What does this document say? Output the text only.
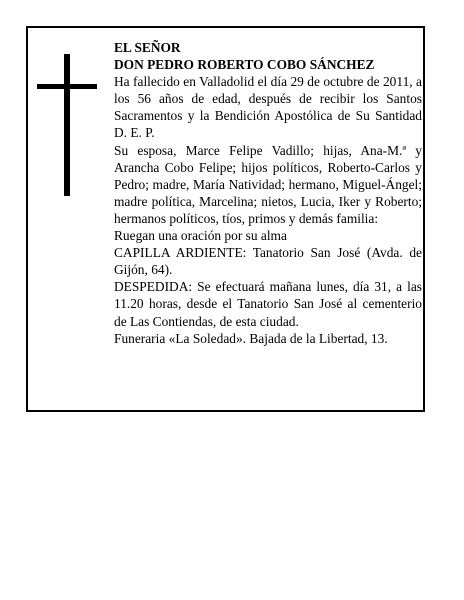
EL SEÑOR

DON PEDRO ROBERTO COBO SÁNCHEZ

Ha fallecido en Valladolid el día 29 de octubre de 2011, a los 56 años de edad, después de recibir los Santos Sacramentos y la Bendición Apostólica de Su Santidad D. E. P.

Su esposa, Marce Felipe Vadillo; hijas, Ana-M.ª y Arancha Cobo Felipe; hijos políticos, Roberto-Carlos y Pedro; madre, María Natividad; hermano, Miguel-Ángel; madre política, Marcelina; nietos, Lucia, Iker y Roberto; hermanos políticos, tíos, primos y demás familia:

Ruegan una oración por su alma

CAPILLA ARDIENTE: Tanatorio San José (Avda. de Gijón, 64).

DESPEDIDA: Se efectuará mañana lunes, día 31, a las 11.20 horas, desde el Tanatorio San José al cementerio de Las Contiendas, de esta ciudad.

Funeraria «La Soledad». Bajada de la Libertad, 13.
